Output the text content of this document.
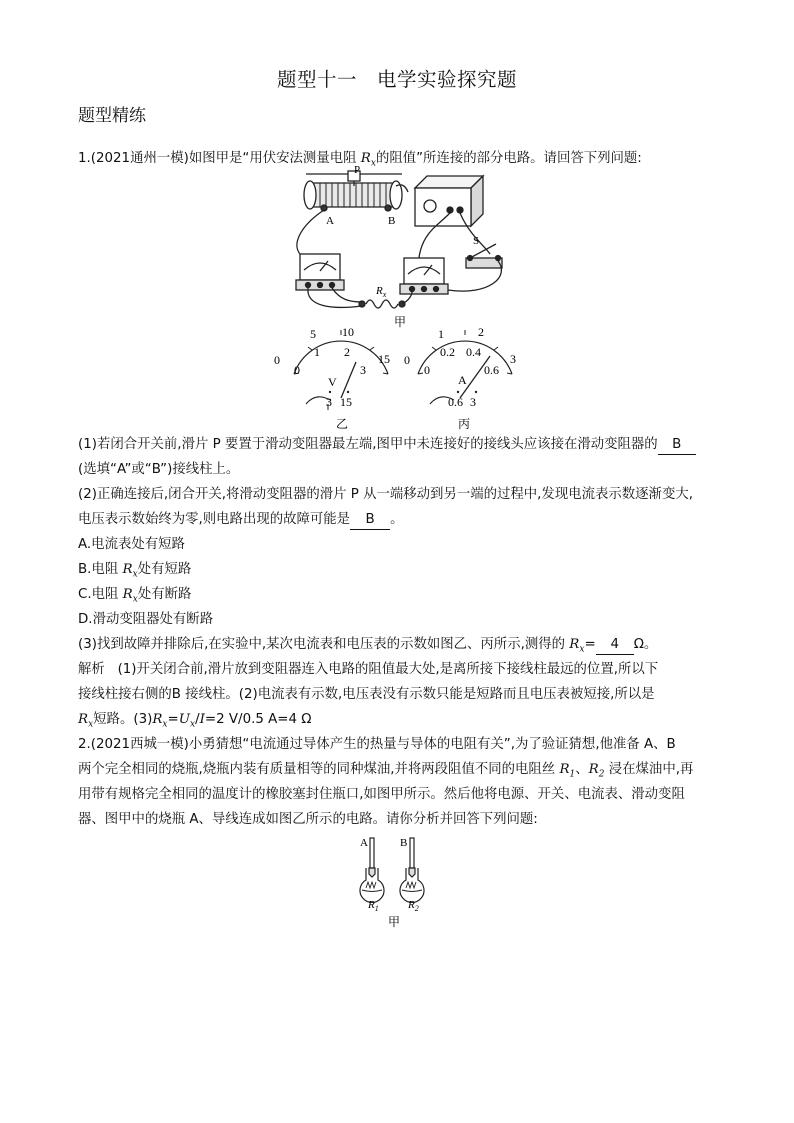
题型十一　电学实验探究题
题型精练
1.(2021通州一模)如图甲是“用伏安法测量电阻 $R_x$的阻值”所连接的部分电路。请回答下列问题:
P
A	B
S
$R_x$
甲
0
5 10
15
0
1 2
3
V
3 15
乙
0
1	2
3
0
0.2 0.4
0.6
A
0.6 3
丙
(1)若闭合开关前,滑片 P 要置于滑动变阻器最左端,图甲中未连接好的接线头应该接在滑动变阻器的 B
(选填“A”或“B”)接线柱上。
(2)正确连接后,闭合开关,将滑动变阻器的滑片 P 从一端移动到另一端的过程中,发现电流表示数逐渐变大,
电压表示数始终为零,则电路出现的故障可能是 B 。
A.电流表处有短路
B.电阻 $R_x$处有短路
C.电阻 $R_x$处有断路
D.滑动变阻器处有断路
(3)找到故障并排除后,在实验中,某次电流表和电压表的示数如图乙、丙所示,测得的 $R_x= 4$ Ω。
解析 (1)开关闭合前,滑片放到变阻器连入电路的阻值最大处,是离所接下接线柱最远的位置,所以下
接线柱接右侧的B 接线柱。(2)电流表有示数,电压表没有示数只能是短路而且电压表被短接,所以是
$R_x$短路。$(3)R_x=U_x/I=2$ V/0.5 A=4 Ω
2.(2021西城一模)小勇猜想“电流通过导体产生的热量与导体的电阻有关”,为了验证猜想,他准备 A、B
两个完全相同的烧瓶,烧瓶内装有质量相等的同种煤油,并将两段阻值不同的电阻丝 $R_1$、$R_2$ 浸在煤油中,再
用带有规格完全相同的温度计的橡胶塞封住瓶口,如图甲所示。然后他将电源、开关、电流表、滑动变阻
器、图甲中的烧瓶 A、导线连成如图乙所示的电路。请你分析并回答下列问题:
A	B
$R_1$	$R_2$
甲
